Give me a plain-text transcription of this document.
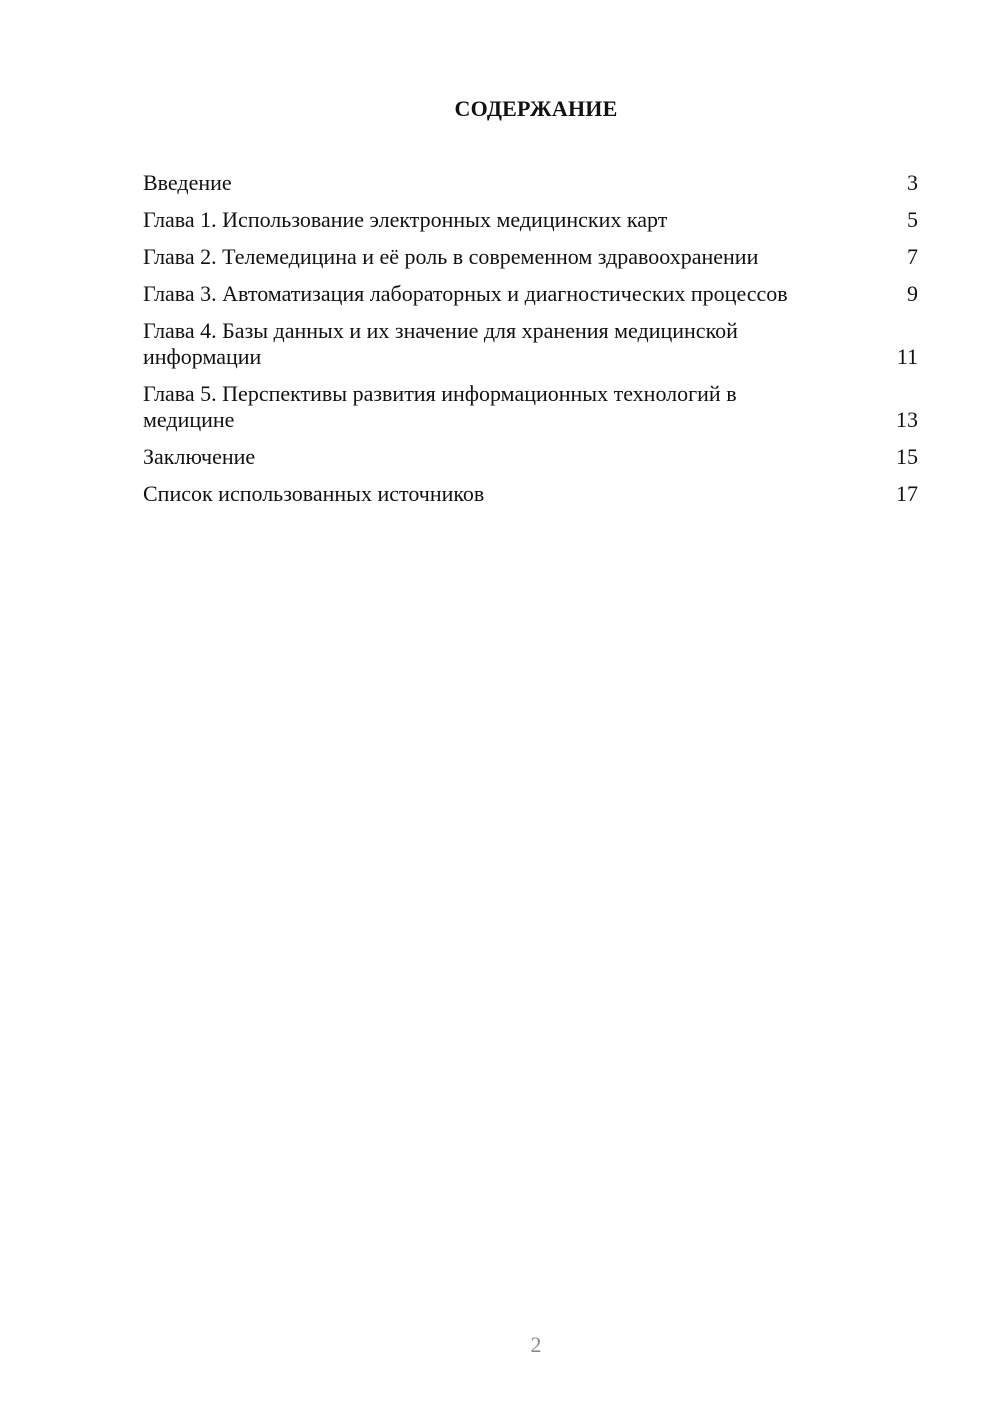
СОДЕРЖАНИЕ
Введение	3
Глава 1. Использование электронных медицинских карт	5
Глава 2. Телемедицина и её роль в современном здравоохранении	7
Глава 3. Автоматизация лабораторных и диагностических процессов	9
Глава 4. Базы данных и их значение для хранения медицинской информации	11
Глава 5. Перспективы развития информационных технологий в медицине	13
Заключение	15
Список использованных источников	17
2
